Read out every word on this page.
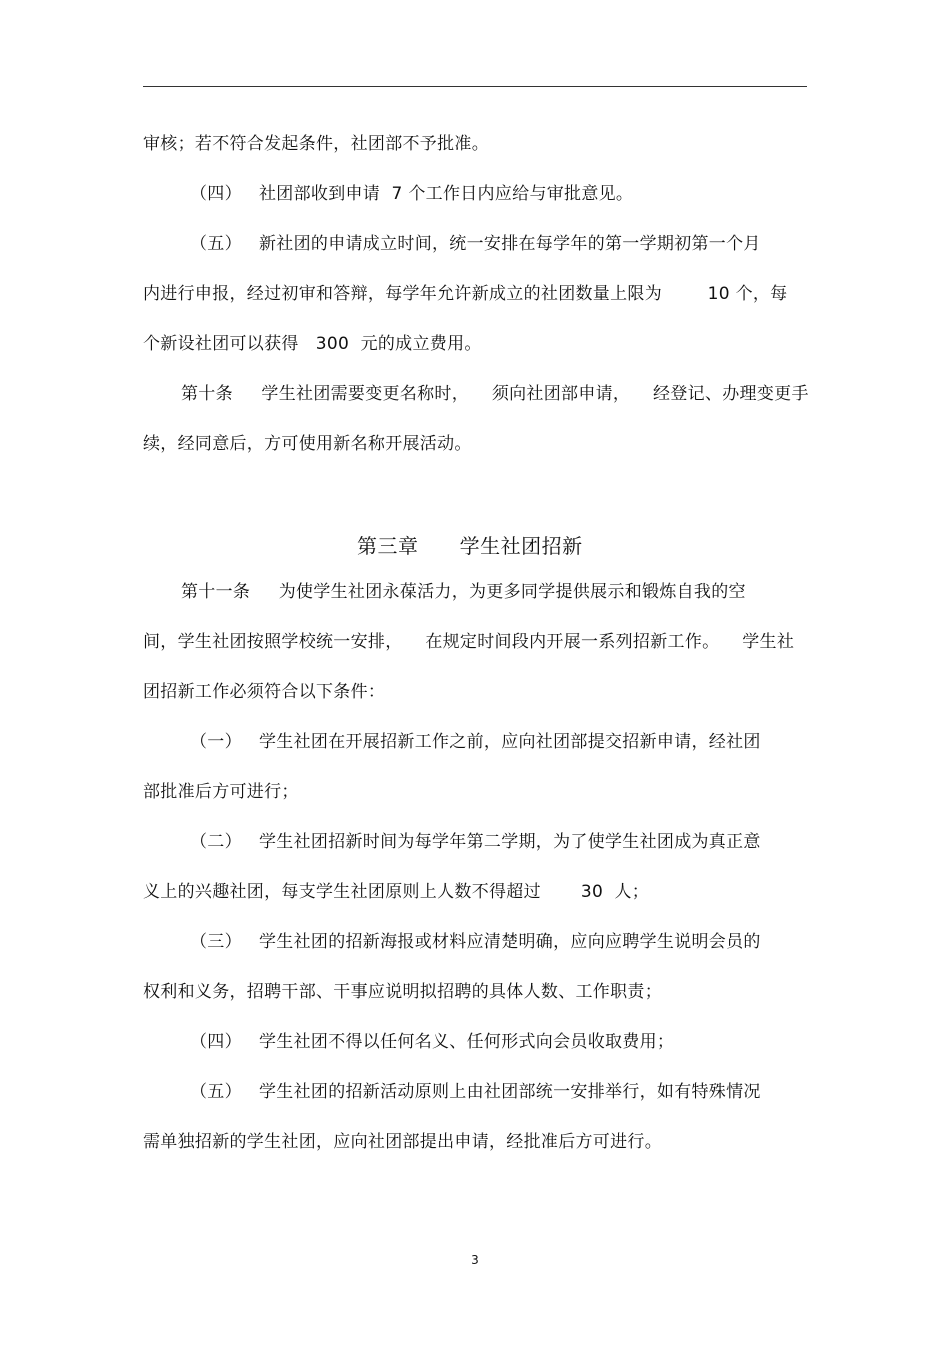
审核；若不符合发起条件，社团部不予批准。
（四）   社团部收到申请  7 个工作日内应给与审批意见。
（五）   新社团的申请成立时间，统一安排在每学年的第一学期初第一个月
内进行申报，经过初审和答辩，每学年允许新成立的社团数量上限为        10 个，每
个新设社团可以获得   300  元的成立费用。
第十条     学生社团需要变更名称时，    须向社团部申请，    经登记、办理变更手
续，经同意后，方可使用新名称开展活动。
第三章      学生社团招新
第十一条     为使学生社团永葆活力，为更多同学提供展示和锻炼自我的空
间，学生社团按照学校统一安排，    在规定时间段内开展一系列招新工作。    学生社
团招新工作必须符合以下条件：
（一）   学生社团在开展招新工作之前，应向社团部提交招新申请，经社团
部批准后方可进行；
（二）   学生社团招新时间为每学年第二学期，为了使学生社团成为真正意
义上的兴趣社团，每支学生社团原则上人数不得超过       30  人；
（三）   学生社团的招新海报或材料应清楚明确，应向应聘学生说明会员的
权利和义务，招聘干部、干事应说明拟招聘的具体人数、工作职责；
（四）   学生社团不得以任何名义、任何形式向会员收取费用；
（五）   学生社团的招新活动原则上由社团部统一安排举行，如有特殊情况
需单独招新的学生社团，应向社团部提出申请，经批准后方可进行。
3
